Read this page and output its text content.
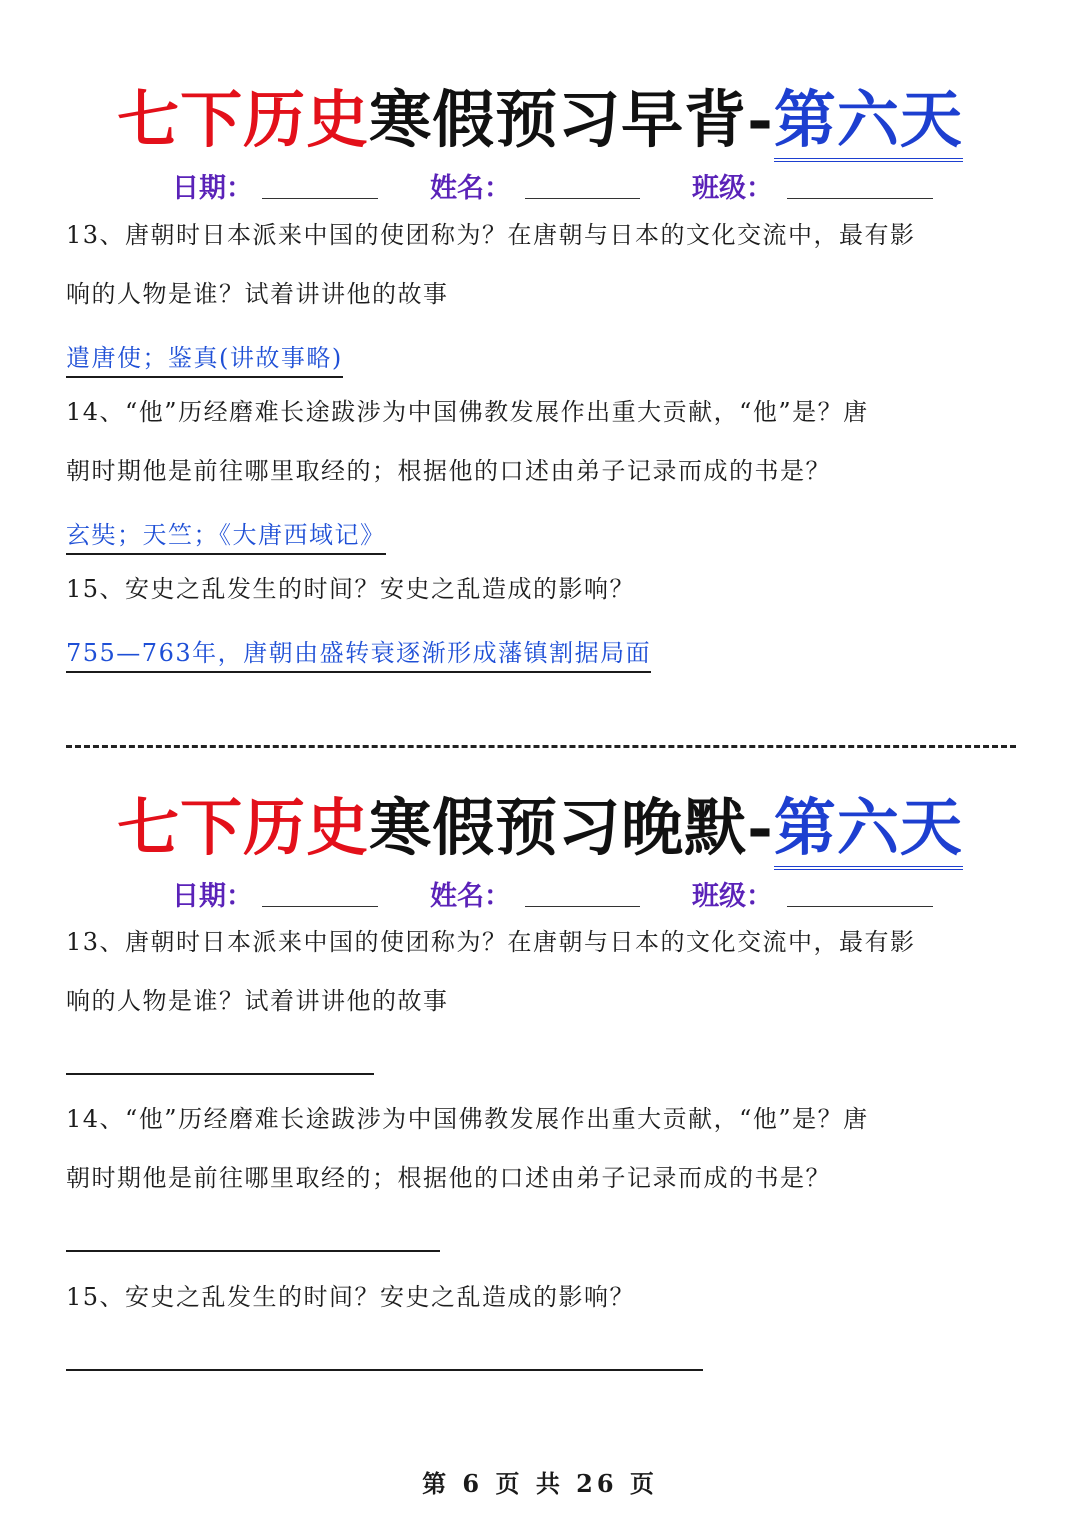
七下历史寒假预习早背-第六天
日期：	姓名：	班级：
13、唐朝时日本派来中国的使团称为？在唐朝与日本的文化交流中，最有影
响的人物是谁？试着讲讲他的故事
遣唐使；鉴真(讲故事略)
14、“他”历经磨难长途跋涉为中国佛教发展作出重大贡献，“他”是？唐
朝时期他是前往哪里取经的；根据他的口述由弟子记录而成的书是？
玄奘；天竺；《大唐西域记》
15、安史之乱发生的时间？安史之乱造成的影响？
755—763年，唐朝由盛转衰逐渐形成藩镇割据局面
七下历史寒假预习晚默-第六天
日期：	姓名：	班级：
13、唐朝时日本派来中国的使团称为？在唐朝与日本的文化交流中，最有影
响的人物是谁？试着讲讲他的故事
14、“他”历经磨难长途跋涉为中国佛教发展作出重大贡献，“他”是？唐
朝时期他是前往哪里取经的；根据他的口述由弟子记录而成的书是？
15、安史之乱发生的时间？安史之乱造成的影响？
第 6 页 共 26 页
